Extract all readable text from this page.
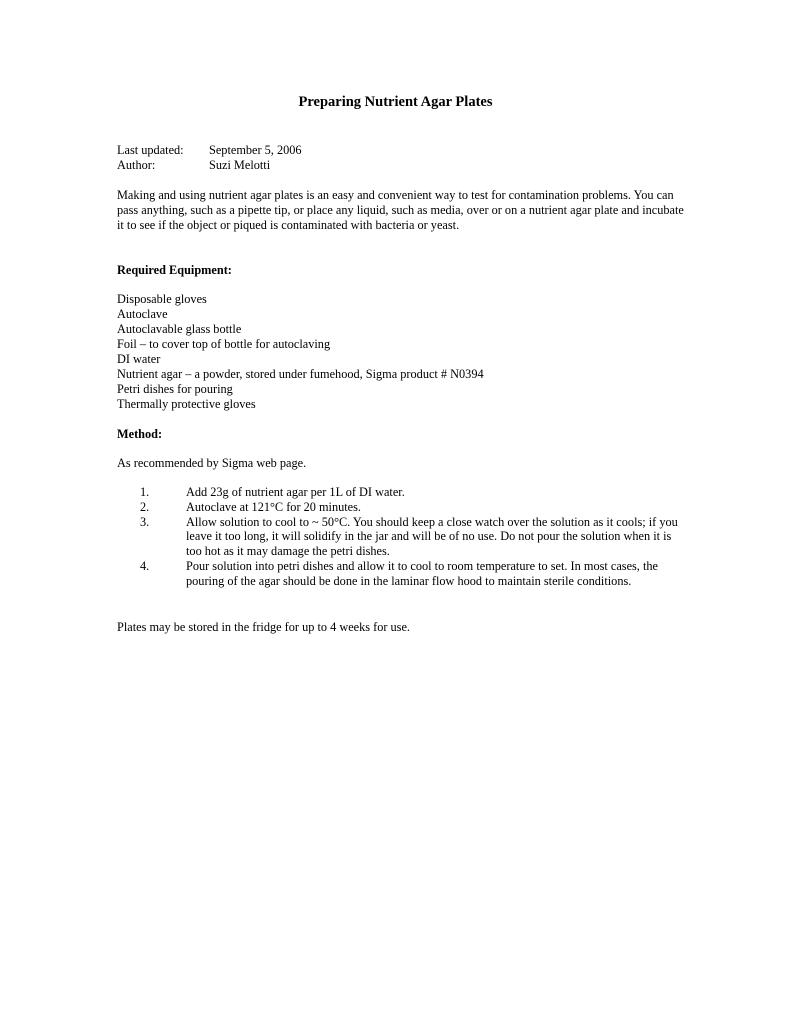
Preparing Nutrient Agar Plates
Last updated:	September 5, 2006
Author:	Suzi Melotti

Making and using nutrient agar plates is an easy and convenient way to test for contamination problems. You can pass anything, such as a pipette tip, or place any liquid, such as media, over or on a nutrient agar plate and incubate it to see if the object or piqued is contaminated with bacteria or yeast.

Required Equipment:

Disposable gloves
Autoclave
Autoclavable glass bottle
Foil – to cover top of bottle for autoclaving
DI water
Nutrient agar – a powder, stored under fumehood, Sigma product # N0394
Petri dishes for pouring
Thermally protective gloves

Method:

As recommended by Sigma web page.

1.	Add 23g of nutrient agar per 1L of DI water.
2.	Autoclave at 121°C for 20 minutes.
3.	Allow solution to cool to ~ 50°C. You should keep a close watch over the solution as it cools; if you leave it too long, it will solidify in the jar and will be of no use. Do not pour the solution when it is too hot as it may damage the petri dishes.
4.	Pour solution into petri dishes and allow it to cool to room temperature to set. In most cases, the pouring of the agar should be done in the laminar flow hood to maintain sterile conditions.

Plates may be stored in the fridge for up to 4 weeks for use.
